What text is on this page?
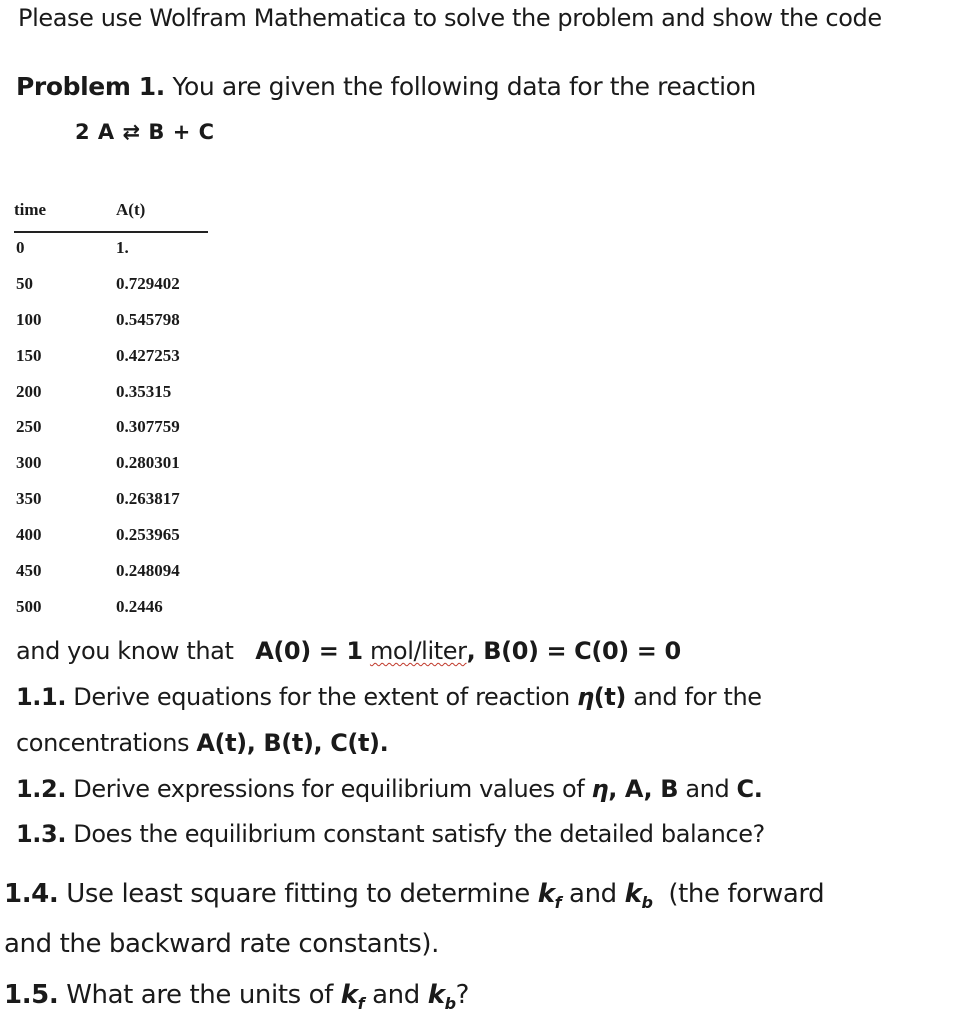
Please use Wolfram Mathematica to solve the problem and show the code
Problem 1. You are given the following data for the reaction
2 A ⇄ B + C
time	A(t)
0	1.
50	0.729402
100	0.545798
150	0.427253
200	0.35315
250	0.307759
300	0.280301
350	0.263817
400	0.253965
450	0.248094
500	0.2446
and you know that A(0) = 1 mol/liter, B(0) = C(0) = 0
1.1. Derive equations for the extent of reaction η(t) and for the
concentrations A(t), B(t), C(t).
1.2. Derive expressions for equilibrium values of η, A, B and C.
1.3. Does the equilibrium constant satisfy the detailed balance?
1.4. Use least square fitting to determine $k_f$ and $k_b$ (the forward
and the backward rate constants).
1.5. What are the units of $k_f$ and $k_b$?
